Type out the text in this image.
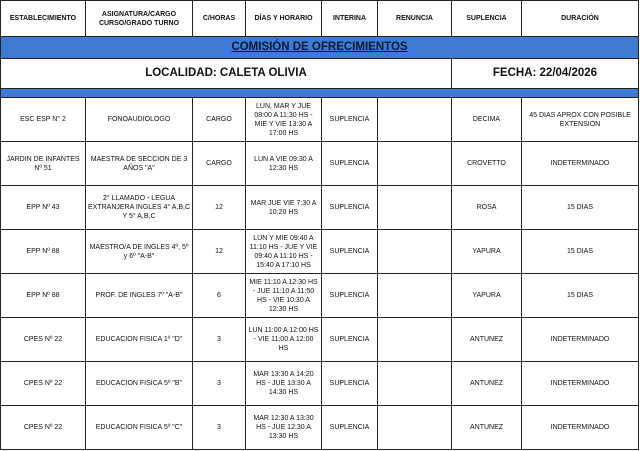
COMISIÓN DE OFRECIMIENTOS							
LOCALIDAD: CALETA OLIVIA						FECHA: 22/04/2026	

ESTABLECIMIENTO	ASIGNATURA/CARGO CURSO/GRADO TURNO	C/HORAS	DÍAS Y HORARIO	INTERINA	RENUNCIA	SUPLENCIA	DURACIÓN
ESC ESP N° 2	FONOAUDIOLOGO	CARGO	LUN, MAR Y JUE 08:00 A 11:30 HS - MIE Y VIE 13:30 A 17:00 HS	SUPLENCIA		DECIMA	45 DIAS APROX CON POSIBLE EXTENSION
JARDIN DE INFANTES Nº 51	MAESTRA DE SECCION DE 3 AÑOS "A"	CARGO	LUN A VIE 09:30 A 12:30 HS	SUPLENCIA		CROVETTO	INDETERMINADO
EPP Nº 43	2° LLAMADO - LEGUA EXTRANJERA INGLES 4° A,B,C Y 5° A,B,C	12	MAR JUE VIE 7:30 A 10:20 HS	SUPLENCIA		ROSA	15 DIAS
EPP Nº 88	MAESTRO/A DE INGLES 4º, 5º y 6º "A-B"	12	LUN Y MIE 09:40 A 11:10 HS - JUE Y VIE 09:40 A 11:10 HS - 15:40 A 17:10 HS	SUPLENCIA		YAPURA	15 DIAS
EPP Nº 88	PROF. DE INGLES 7º "A-B"	6	MIE 11:10 A 12:30 HS - JUE 11:10 A 11:50 HS - VIE 10:30 A 12:30 HS	SUPLENCIA		YAPURA	15 DIAS
CPES Nº 22	EDUCACION FISICA 1º "D"	3	LUN 11:00 A 12:00 HS - VIE 11:00 A 12:00 HS	SUPLENCIA		ANTUNEZ	INDETERMINADO
CPES Nº 22	EDUCACION FISICA 5º "B"	3	MAR 13:30 A 14:20 HS - JUE 13:30 A 14:30 HS	SUPLENCIA		ANTUNEZ	INDETERMINADO
CPES Nº 22	EDUCACION FISICA 5º "C"	3	MAR 12:30 A 13:30 HS - JUE 12:30 A 13:30 HS	SUPLENCIA		ANTUNEZ	INDETERMINADO
